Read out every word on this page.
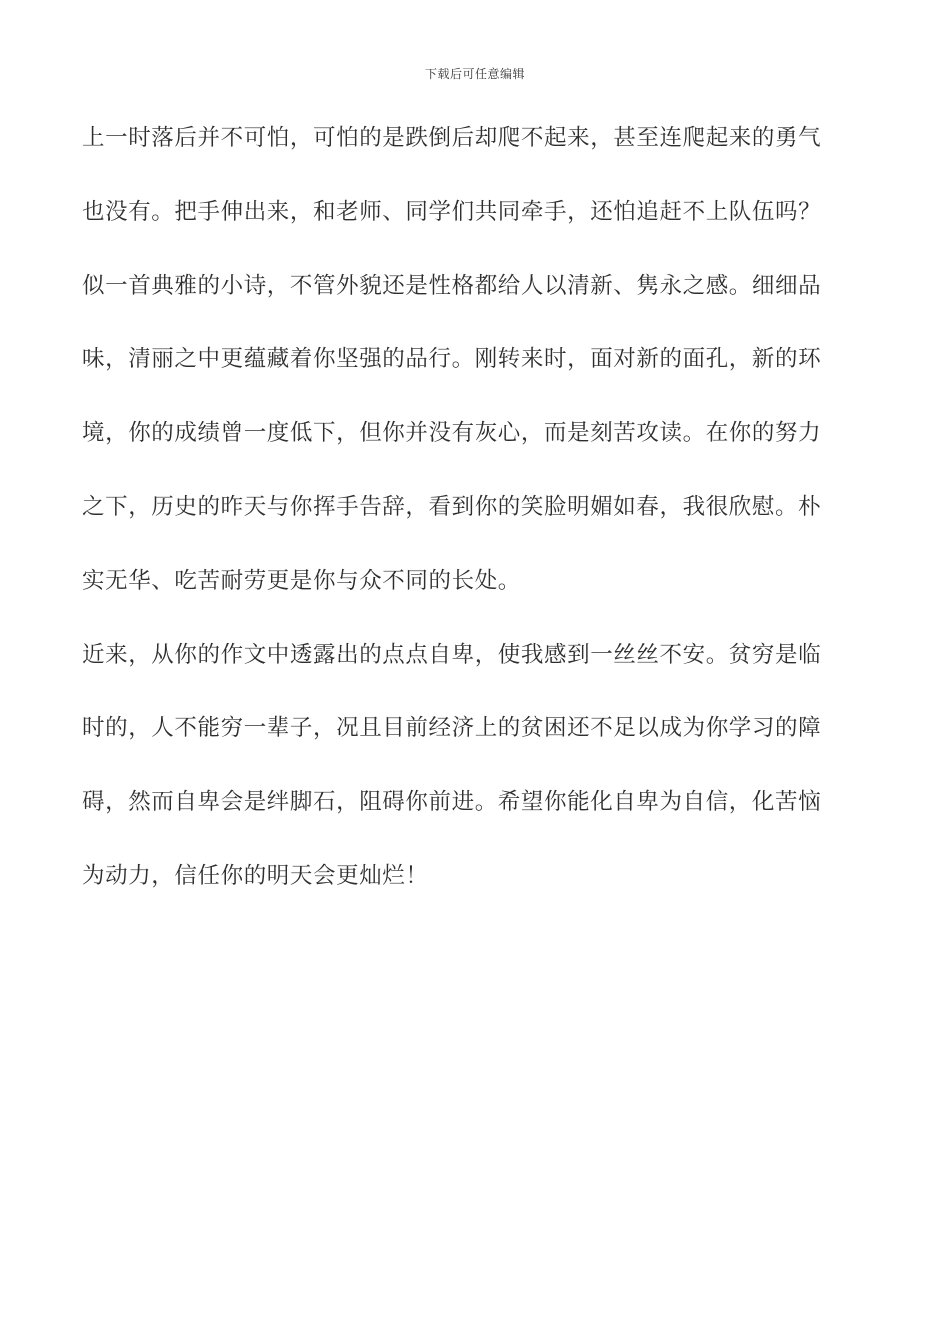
下载后可任意编辑
上一时落后并不可怕，可怕的是跌倒后却爬不起来，甚至连爬起来的勇气
也没有。把手伸出来，和老师、同学们共同牵手，还怕追赶不上队伍吗？
似一首典雅的小诗，不管外貌还是性格都给人以清新、隽永之感。细细品
味，清丽之中更蕴藏着你坚强的品行。刚转来时，面对新的面孔，新的环
境，你的成绩曾一度低下，但你并没有灰心，而是刻苦攻读。在你的努力
之下，历史的昨天与你挥手告辞，看到你的笑脸明媚如春，我很欣慰。朴
实无华、吃苦耐劳更是你与众不同的长处。
近来，从你的作文中透露出的点点自卑，使我感到一丝丝不安。贫穷是临
时的，人不能穷一辈子，况且目前经济上的贫困还不足以成为你学习的障
碍，然而自卑会是绊脚石，阻碍你前进。希望你能化自卑为自信，化苦恼
为动力，信任你的明天会更灿烂！
